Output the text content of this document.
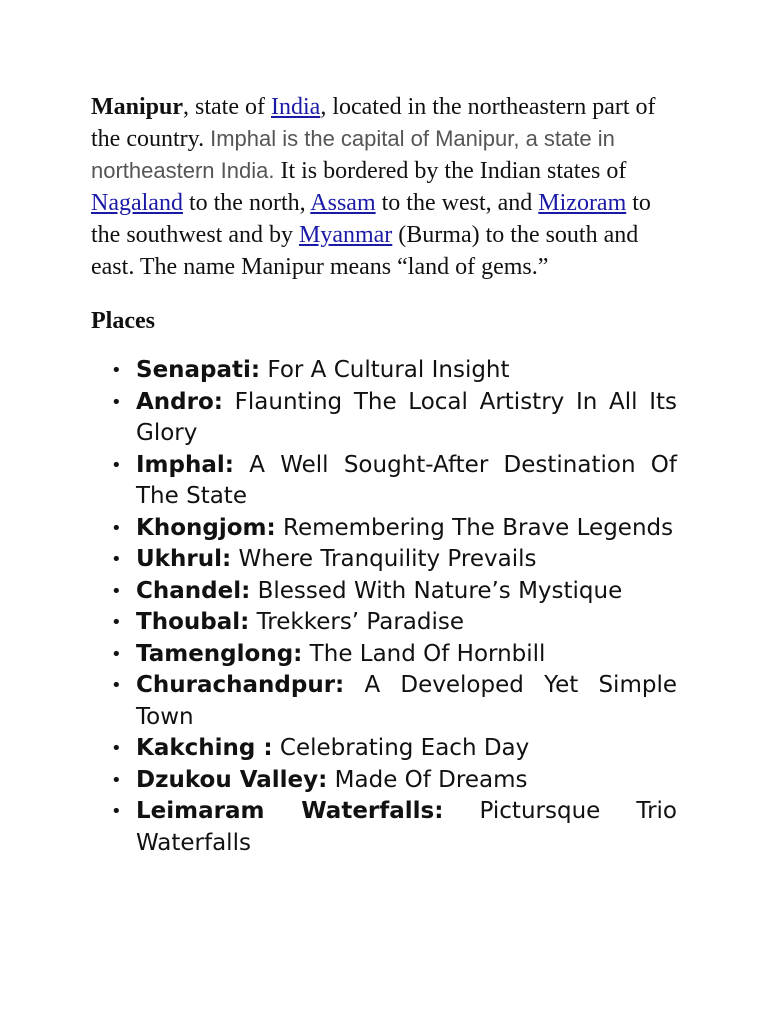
Manipur, state of India, located in the northeastern part of the country. Imphal is the capital of Manipur, a state in northeastern India. It is bordered by the Indian states of Nagaland to the north, Assam to the west, and Mizoram to the southwest and by Myanmar (Burma) to the south and east. The name Manipur means “land of gems.”

Places
• Senapati: For A Cultural Insight
• Andro: Flaunting The Local Artistry In All Its Glory
• Imphal: A Well Sought-After Destination Of The State
• Khongjom: Remembering The Brave Legends
• Ukhrul: Where Tranquility Prevails
• Chandel: Blessed With Nature’s Mystique
• Thoubal: Trekkers’ Paradise
• Tamenglong: The Land Of Hornbill
• Churachandpur: A Developed Yet Simple Town
• Kakching : Celebrating Each Day
• Dzukou Valley: Made Of Dreams
• Leimaram Waterfalls: Pictursque Trio Waterfalls
